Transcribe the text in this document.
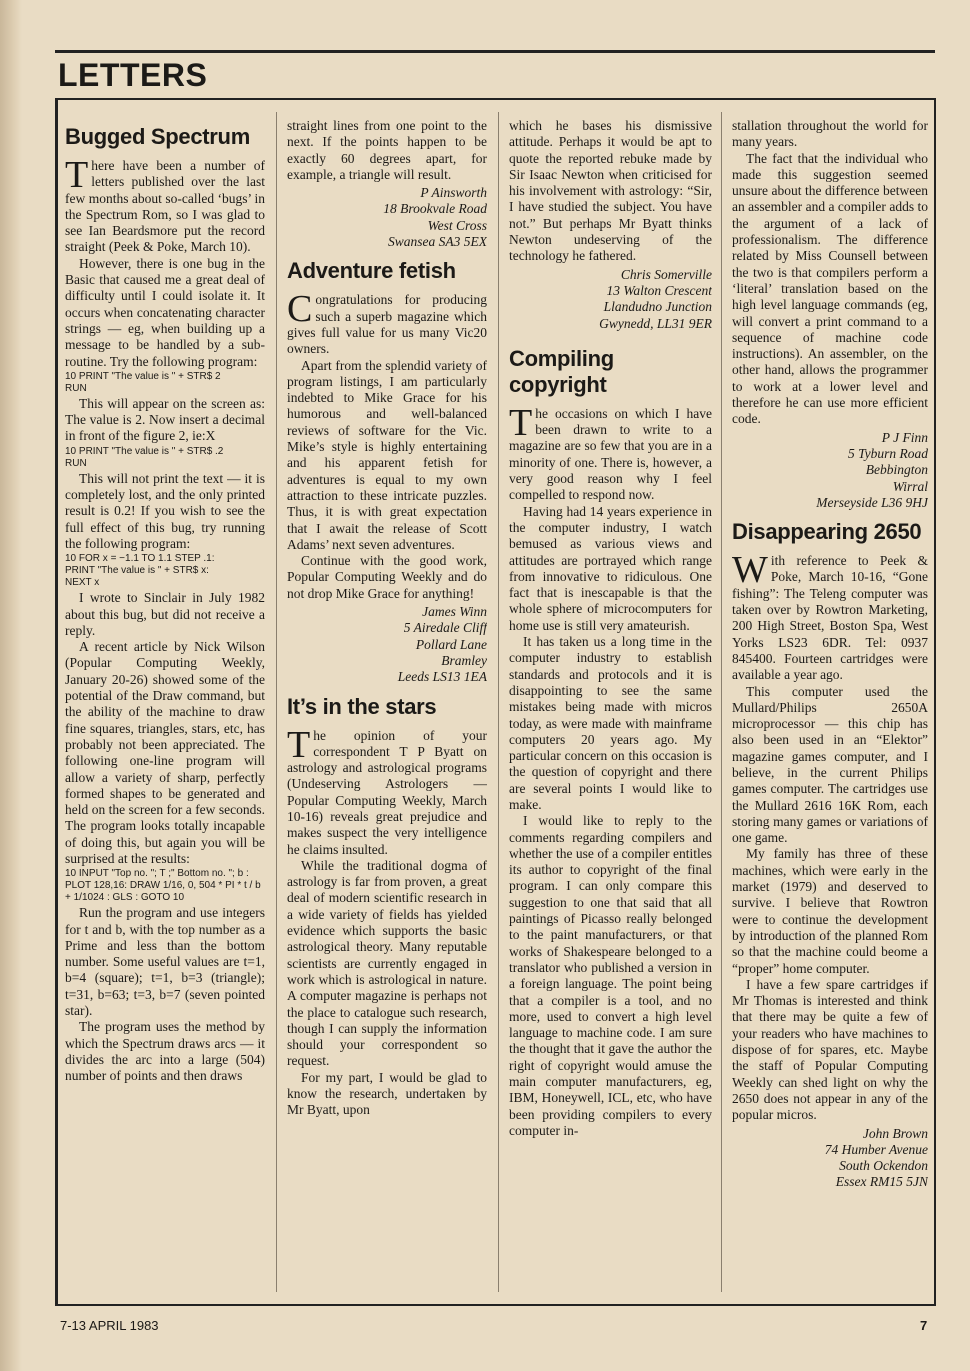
LETTERS
Bugged Spectrum

There have been a number of letters published over the last few months about so-called ‘bugs’ in the Spectrum Rom, so I was glad to see Ian Beardsmore put the record straight (Peek & Poke, March 10).

However, there is one bug in the Basic that caused me a great deal of difficulty until I could isolate it. It occurs when concatenating character strings — eg, when building up a message to be handled by a sub-routine. Try the following program:

10 PRINT "The value is " + STR$ 2
RUN

This will appear on the screen as: The value is 2. Now insert a decimal in front of the figure 2, ie:X

10 PRINT "The value is " + STR$ .2
RUN

This will not print the text — it is completely lost, and the only printed result is 0.2! If you wish to see the full effect of this bug, try running the following program:

10 FOR x = −1.1 TO 1.1 STEP .1:
PRINT "The value is " + STR$ x:
NEXT x

I wrote to Sinclair in July 1982 about this bug, but did not receive a reply.

A recent article by Nick Wilson (Popular Computing Weekly, January 20-26) showed some of the potential of the Draw command, but the ability of the machine to draw fine squares, triangles, stars, etc, has probably not been appreciated. The following one-line program will allow a variety of sharp, perfectly formed shapes to be generated and held on the screen for a few seconds. The program looks totally incapable of doing this, but again you will be surprised at the results:

10 INPUT "Top no. "; T ;" Bottom no. "; b : PLOT 128,16: DRAW 1/16, 0, 504 * PI * t / b + 1/1024 : GLS : GOTO 10

Run the program and use integers for t and b, with the top number as a Prime and less than the bottom number. Some useful values are t=1, b=4 (square); t=1, b=3 (triangle); t=31, b=63; t=3, b=7 (seven pointed star).

The program uses the method by which the Spectrum draws arcs — it divides the arc into a large (504) number of points and then draws

straight lines from one point to the next. If the points happen to be exactly 60 degrees apart, for example, a triangle will result.

P Ainsworth
18 Brookvale Road
West Cross
Swansea SA3 5EX
Adventure fetish

Congratulations for producing such a superb magazine which gives full value for us many Vic20 owners.

Apart from the splendid variety of program listings, I am particularly indebted to Mike Grace for his humorous and well-balanced reviews of software for the Vic. Mike’s style is highly entertaining and his apparent fetish for adventures is equal to my own attraction to these intricate puzzles. Thus, it is with great expectation that I await the release of Scott Adams’ next seven adventures.

Continue with the good work, Popular Computing Weekly and do not drop Mike Grace for anything!

James Winn
5 Airedale Cliff
Pollard Lane
Bramley
Leeds LS13 1EA
It’s in the stars

The opinion of your correspondent T P Byatt on astrology and astrological programs (Undeserving Astrologers — Popular Computing Weekly, March 10-16) reveals great prejudice and makes suspect the very intelligence he claims insulted.

While the traditional dogma of astrology is far from proven, a great deal of modern scientific research in a wide variety of fields has yielded evidence which supports the basic astrological theory. Many reputable scientists are currently engaged in work which is astrological in nature. A computer magazine is perhaps not the place to catalogue such research, though I can supply the information should your correspondent so request.

For my part, I would be glad to know the research, undertaken by Mr Byatt, upon

which he bases his dismissive attitude. Perhaps it would be apt to quote the reported rebuke made by Sir Isaac Newton when criticised for his involvement with astrology: “Sir, I have studied the subject. You have not.” But perhaps Mr Byatt thinks Newton undeserving of the technology he fathered.

Chris Somerville
13 Walton Crescent
Llandudno Junction
Gwynedd, LL31 9ER
Compiling copyright

The occasions on which I have been drawn to write to a magazine are so few that you are in a minority of one. There is, however, a very good reason why I feel compelled to respond now.

Having had 14 years experience in the computer industry, I watch bemused as various views and attitudes are portrayed which range from innovative to ridiculous. One fact that is inescapable is that the whole sphere of microcomputers for home use is still very amateurish.

It has taken us a long time in the computer industry to establish standards and protocols and it is disappointing to see the same mistakes being made with micros today, as were made with mainframe computers 20 years ago. My particular concern on this occasion is the question of copyright and there are several points I would like to make.

I would like to reply to the comments regarding compilers and whether the use of a compiler entitles its author to copyright of the final program. I can only compare this suggestion to one that said that all paintings of Picasso really belonged to the paint manufacturers, or that works of Shakespeare belonged to a translator who published a version in a foreign language. The point being that a compiler is a tool, and no more, used to convert a high level language to machine code. I am sure the thought that it gave the author the right of copyright would amuse the main computer manufacturers, eg, IBM, Honeywell, ICL, etc, who have been providing compilers to every computer in-

stallation throughout the world for many years.

The fact that the individual who made this suggestion seemed unsure about the difference between an assembler and a compiler adds to the argument of a lack of professionalism. The difference related by Miss Counsell between the two is that compilers perform a ‘literal’ translation based on the high level language commands (eg, will convert a print command to a sequence of machine code instructions). An assembler, on the other hand, allows the programmer to work at a lower level and therefore he can use more efficient code.

P J Finn
5 Tyburn Road
Bebbington
Wirral
Merseyside L36 9HJ
Disappearing 2650

With reference to Peek & Poke, March 10-16, “Gone fishing”: The Teleng computer was taken over by Rowtron Marketing, 200 High Street, Boston Spa, West Yorks LS23 6DR. Tel: 0937 845400. Fourteen cartridges were available a year ago.

This computer used the Mullard/Philips 2650A microprocessor — this chip has also been used in an “Elektor” magazine games computer, and I believe, in the current Philips games computer. The cartridges use the Mullard 2616 16K Rom, each storing many games or variations of one game.

My family has three of these machines, which were early in the market (1979) and deserved to survive. I believe that Rowtron were to continue the development by introduction of the planned Rom so that the machine could beome a “proper” home computer.

I have a few spare cartridges if Mr Thomas is interested and think that there may be quite a few of your readers who have machines to dispose of for spares, etc. Maybe the staff of Popular Computing Weekly can shed light on why the 2650 does not appear in any of the popular micros.

John Brown
74 Humber Avenue
South Ockendon
Essex RM15 5JN
7-13 APRIL 1983	7
